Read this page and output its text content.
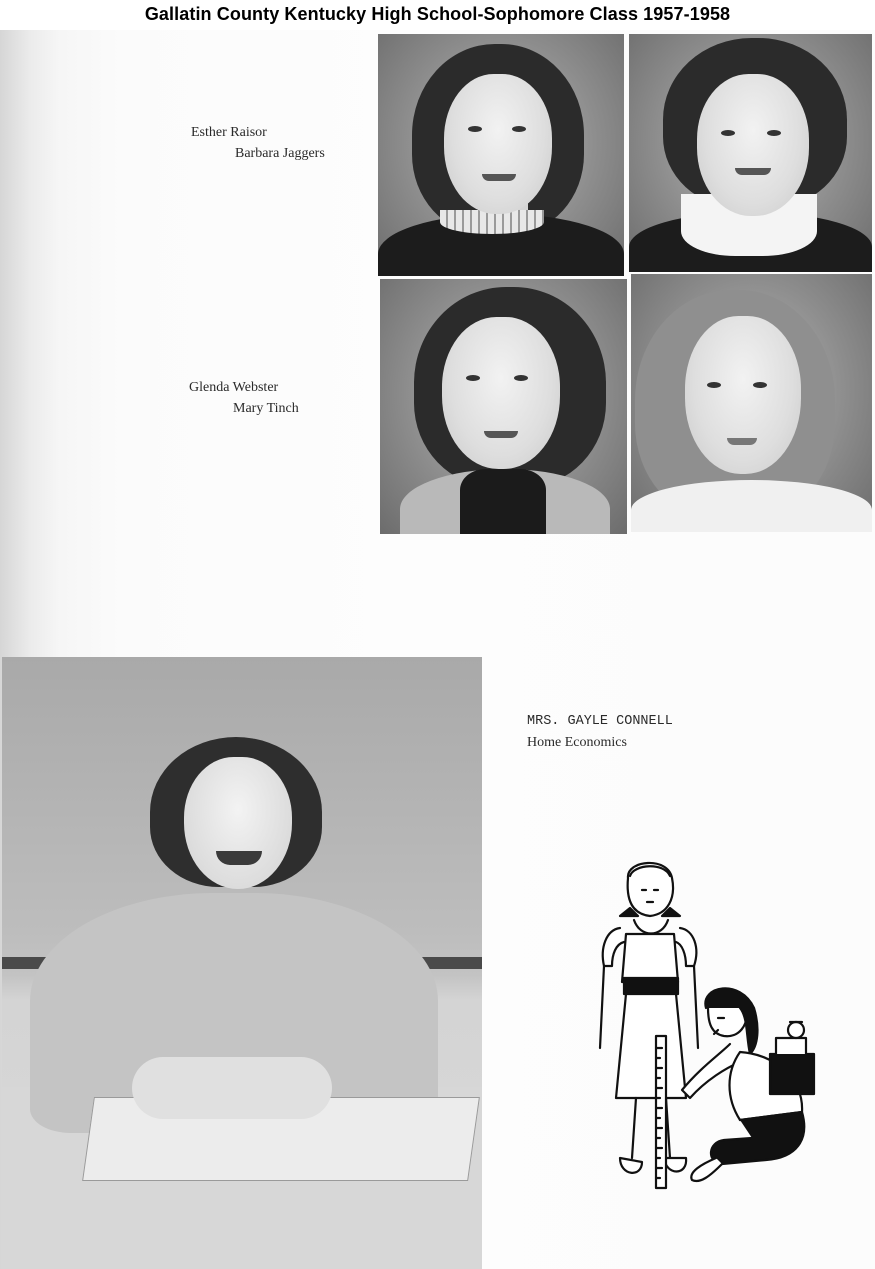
Gallatin County Kentucky High School-Sophomore Class 1957-1958
Esther Raisor
Barbara Jaggers
Glenda Webster
Mary Tinch
MRS. GAYLE CONNELL
Home Economics
